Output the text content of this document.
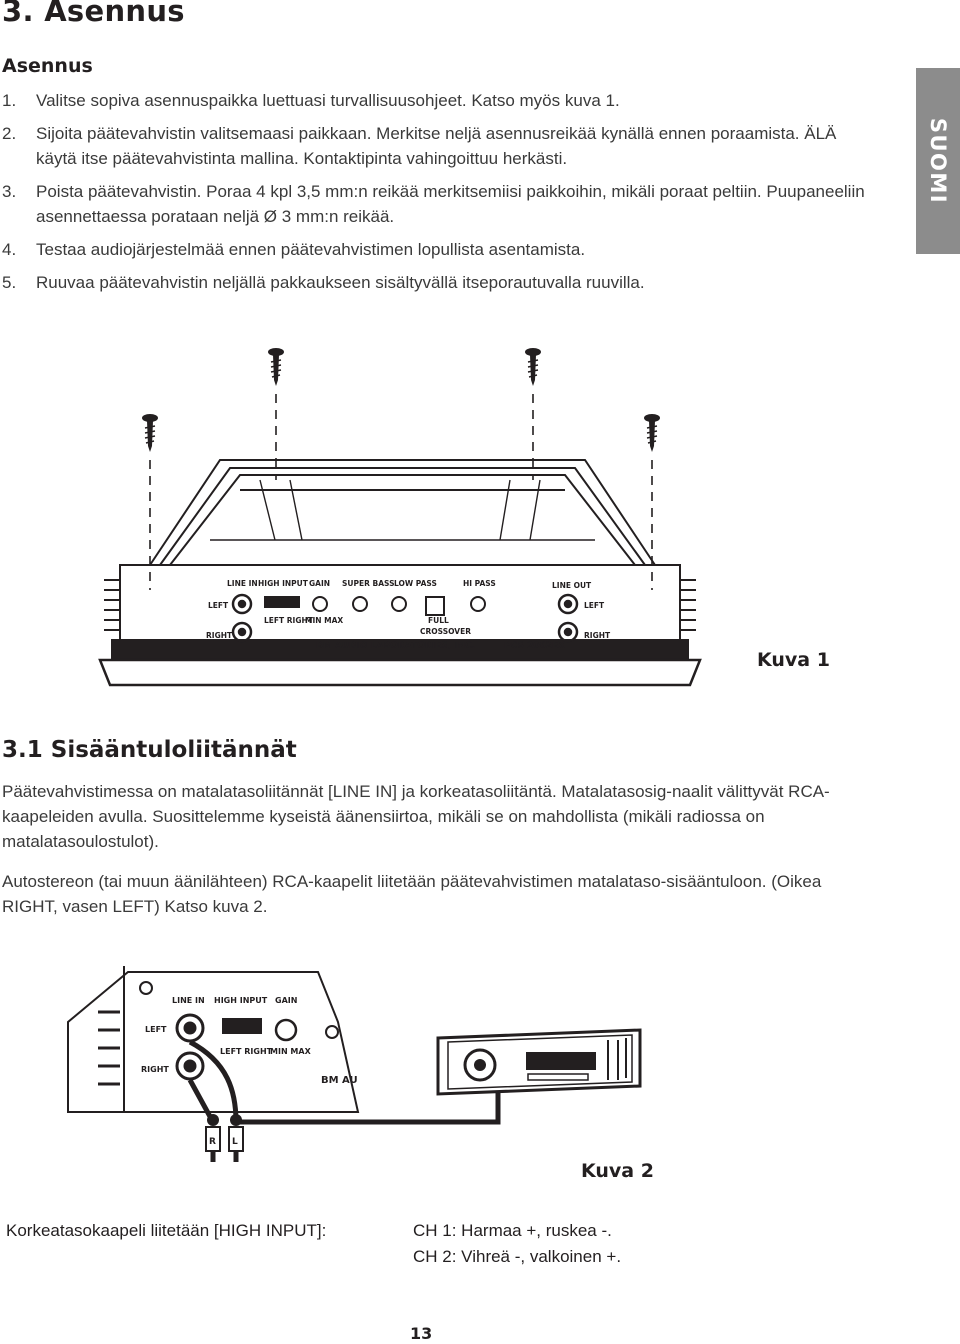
3. Asennus
SUOMI
Asennus
1. Valitse sopiva asennuspaikka luettuasi turvallisuusohjeet. Katso myös kuva 1.
2. Sijoita päätevahvistin valitsemaasi paikkaan. Merkitse neljä asennusreikää kynällä ennen poraamista. ÄLÄ käytä itse päätevahvistinta mallina. Kontaktipinta vahingoittuu herkästi.
3. Poista päätevahvistin. Poraa 4 kpl 3,5 mm:n reikää merkitsemiisi paikkoihin, mikäli poraat peltiin. Puupaneeliin asennettaessa porataan neljä Ø 3 mm:n reikää.
4. Testaa audiojärjestelmää ennen päätevahvistimen lopullista asentamista.
5. Ruuvaa päätevahvistin neljällä pakkaukseen sisältyvällä itseporautuvalla ruuvilla.
LINE IN HIGH INPUT GAIN SUPER BASS LOW PASS	HI PASS	LINE OUT
LEFT
RIGHT
LEFT RIGHT
MIN MAX
LEFT
RIGHT
CROSSOVER
FULL
BM AUDIO LABORATORIES, INC.	PCS 2062EX
Kuva 1
3.1 Sisääntuloliitännät

Päätevahvistimessa on matalatasoliitännät [LINE IN] ja korkeatasoliitäntä. Matalatasosig-naalit välittyvät RCA-kaapeleiden avulla. Suosittelemme kyseistä äänensiirtoa, mikäli se on mahdollista (mikäli radiossa on matalatasoulostulot).

Autostereon (tai muun äänilähteen) RCA-kaapelit liitetään päätevahvistimen matalataso-sisääntuloon. (Oikea RIGHT, vasen LEFT) Katso kuva 2.

LINE IN HIGH INPUT GAIN
LEFT
RIGHT
LEFT RIGHT
MIN MAX
BM AU
R L
Kuva 2
Korkeatasokaapeli liitetään [HIGH INPUT]:	CH 1: Harmaa +, ruskea -.
CH 2: Vihreä -, valkoinen +.
13
